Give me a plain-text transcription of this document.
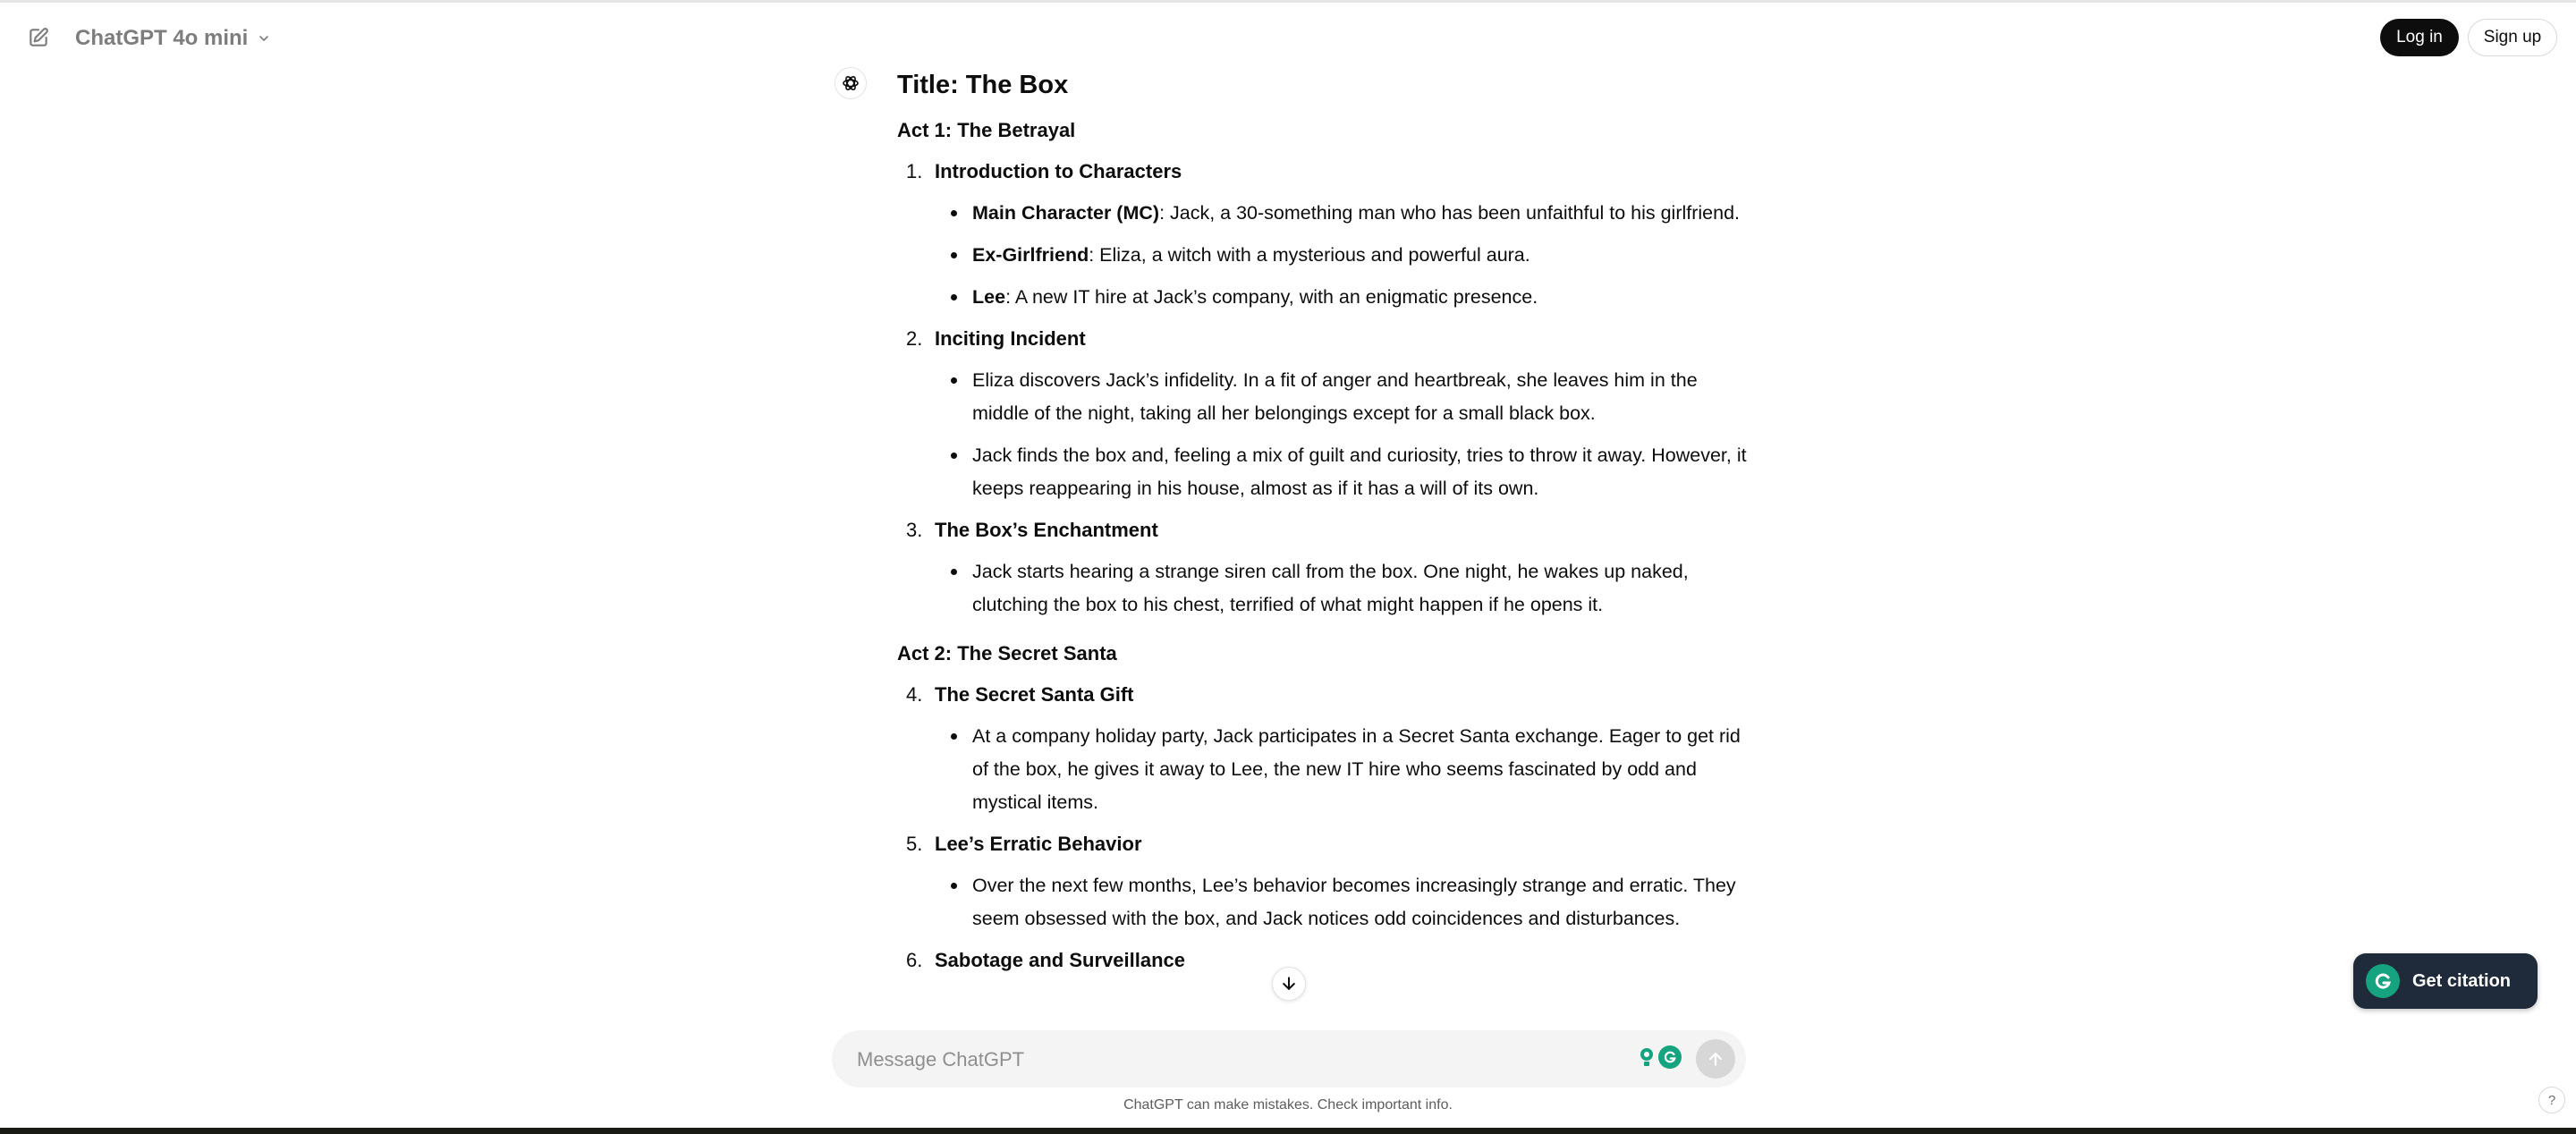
ChatGPT 4o mini	Log in	Sign up
Title: The Box
Act 1: The Betrayal
1. Introduction to Characters
Main Character (MC): Jack, a 30-something man who has been unfaithful to his girlfriend.
Ex-Girlfriend: Eliza, a witch with a mysterious and powerful aura.
Lee: A new IT hire at Jack’s company, with an enigmatic presence.
2. Inciting Incident
Eliza discovers Jack’s infidelity. In a fit of anger and heartbreak, she leaves him in the middle of the night, taking all her belongings except for a small black box.
Jack finds the box and, feeling a mix of guilt and curiosity, tries to throw it away. However, it keeps reappearing in his house, almost as if it has a will of its own.
3. The Box’s Enchantment
Jack starts hearing a strange siren call from the box. One night, he wakes up naked, clutching the box to his chest, terrified of what might happen if he opens it.
Act 2: The Secret Santa
4. The Secret Santa Gift
At a company holiday party, Jack participates in a Secret Santa exchange. Eager to get rid of the box, he gives it away to Lee, the new IT hire who seems fascinated by odd and mystical items.
5. Lee’s Erratic Behavior
Over the next few months, Lee’s behavior becomes increasingly strange and erratic. They seem obsessed with the box, and Jack notices odd coincidences and disturbances.
6. Sabotage and Surveillance
Message ChatGPT
ChatGPT can make mistakes. Check important info.
Get citation
?
